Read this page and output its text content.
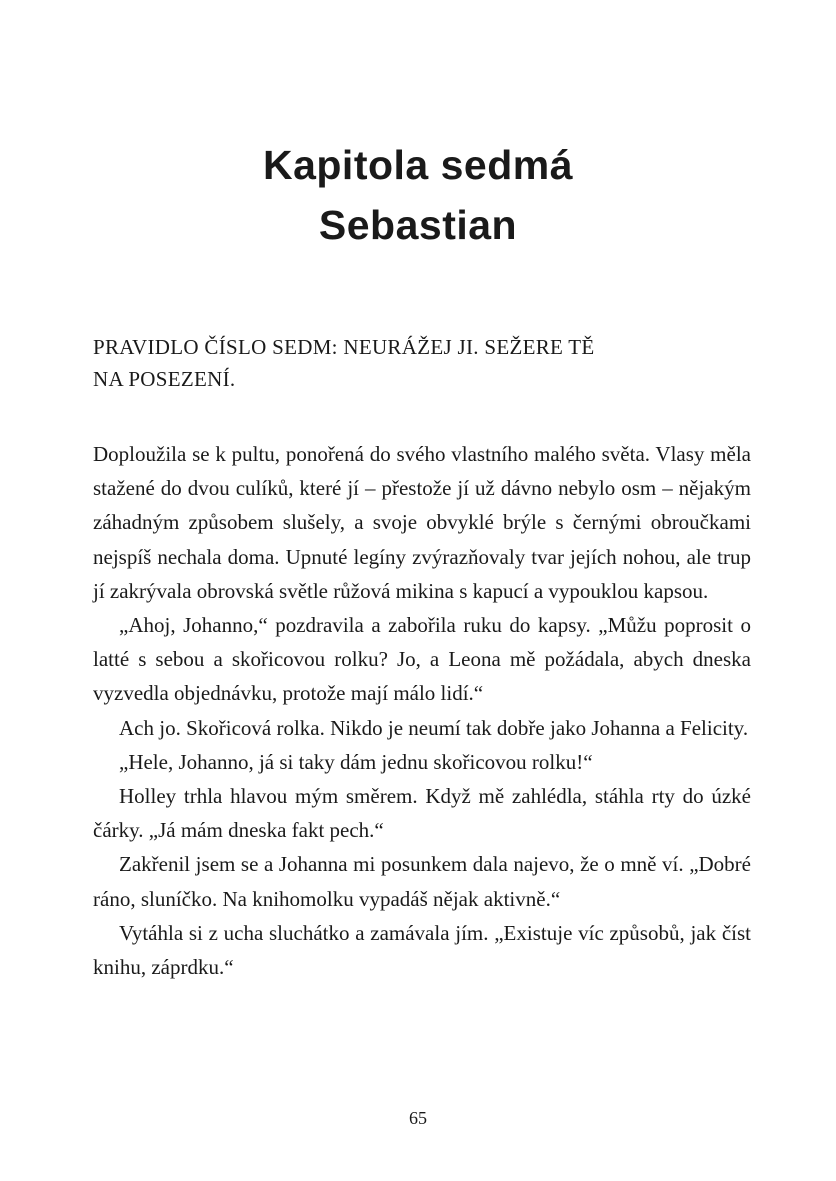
Kapitola sedmá
Sebastian
PRAVIDLO ČÍSLO SEDM: NEURÁŽEJ JI. SEŽERE TĚ
NA POSEZENÍ.

Doploužila se k pultu, ponořená do svého vlastního malého světa. Vlasy měla stažené do dvou culíků, které jí – přestože jí už dávno nebylo osm – nějakým záhadným způsobem slušely, a svoje obvyklé brýle s černými obroučkami nejspíš nechala doma. Upnuté legíny zvýrazňovaly tvar jejích nohou, ale trup jí zakrývala obrovská světle růžová mikina s kapucí a vypouklou kapsou.

„Ahoj, Johanno,“ pozdravila a zabořila ruku do kapsy. „Můžu poprosit o latté s sebou a skořicovou rolku? Jo, a Leona mě požádala, abych dneska vyzvedla objednávku, protože mají málo lidí.“

Ach jo. Skořicová rolka. Nikdo je neumí tak dobře jako Johanna a Felicity.

„Hele, Johanno, já si taky dám jednu skořicovou rolku!“

Holley trhla hlavou mým směrem. Když mě zahlédla, stáhla rty do úzké čárky. „Já mám dneska fakt pech.“

Zakřenil jsem se a Johanna mi posunkem dala najevo, že o mně ví. „Dobré ráno, sluníčko. Na knihomolku vypadáš nějak aktivně.“

Vytáhla si z ucha sluchátko a zamávala jím. „Existuje víc způsobů, jak číst knihu, záprdku.“

65
